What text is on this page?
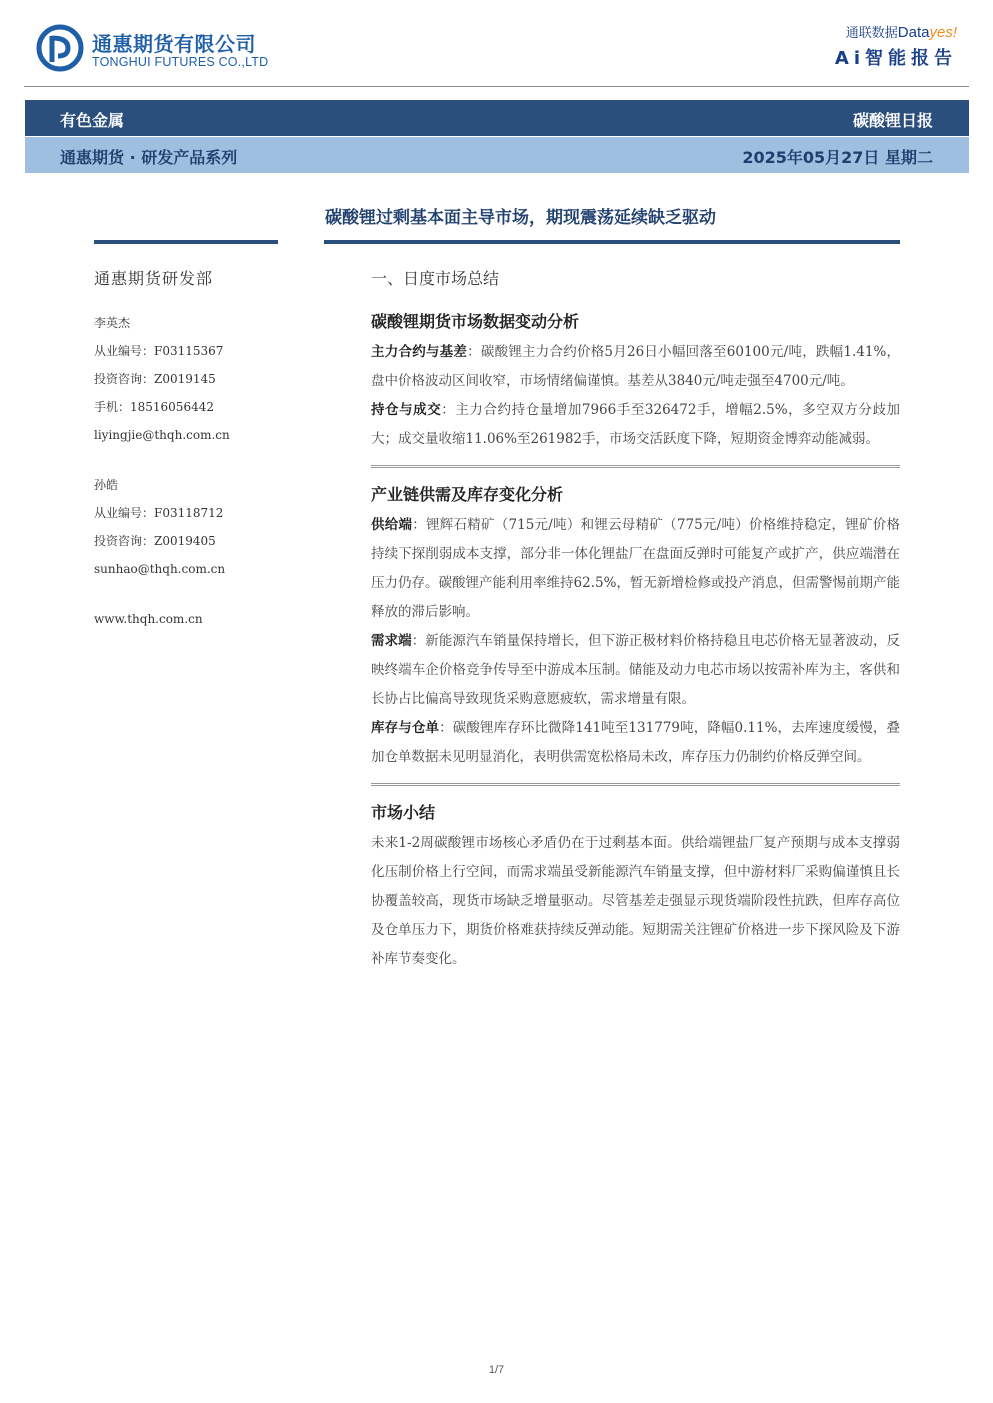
通惠期货有限公司
TONGHUI FUTURES CO.,LTD
通联数据Datayes!
Ai智能报告
有色金属	碳酸锂日报
通惠期货 · 研发产品系列	2025年05月27日 星期二
碳酸锂过剩基本面主导市场，期现震荡延续缺乏驱动
通惠期货研发部
李英杰
从业编号：F03115367
投资咨询：Z0019145
手机：18516056442
liyingjie@thqh.com.cn
孙皓
从业编号：F03118712
投资咨询：Z0019405
sunhao@thqh.com.cn
www.thqh.com.cn
一、日度市场总结
碳酸锂期货市场数据变动分析

主力合约与基差：碳酸锂主力合约价格5月26日小幅回落至60100元/吨，跌幅1.41%，盘中价格波动区间收窄，市场情绪偏谨慎。基差从3840元/吨走强至4700元/吨。

持仓与成交：主力合约持仓量增加7966手至326472手，增幅2.5%，多空双方分歧加大；成交量收缩11.06%至261982手，市场交活跃度下降，短期资金博弈动能减弱。

产业链供需及库存变化分析

供给端：锂辉石精矿（715元/吨）和锂云母精矿（775元/吨）价格维持稳定，锂矿价格持续下探削弱成本支撑，部分非一体化锂盐厂在盘面反弹时可能复产或扩产，供应端潜在压力仍存。碳酸锂产能利用率维持62.5%，暂无新增检修或投产消息，但需警惕前期产能释放的滞后影响。

需求端：新能源汽车销量保持增长，但下游正极材料价格持稳且电芯价格无显著波动，反映终端车企价格竞争传导至中游成本压制。储能及动力电芯市场以按需补库为主，客供和长协占比偏高导致现货采购意愿疲软，需求增量有限。

库存与仓单：碳酸锂库存环比微降141吨至131779吨，降幅0.11%，去库速度缓慢，叠加仓单数据未见明显消化，表明供需宽松格局未改，库存压力仍制约价格反弹空间。

市场小结

未来1-2周碳酸锂市场核心矛盾仍在于过剩基本面。供给端锂盐厂复产预期与成本支撑弱化压制价格上行空间，而需求端虽受新能源汽车销量支撑，但中游材料厂采购偏谨慎且长协覆盖较高，现货市场缺乏增量驱动。尽管基差走强显示现货端阶段性抗跌，但库存高位及仓单压力下，期货价格难获持续反弹动能。短期需关注锂矿价格进一步下探风险及下游补库节奏变化。

1/7
